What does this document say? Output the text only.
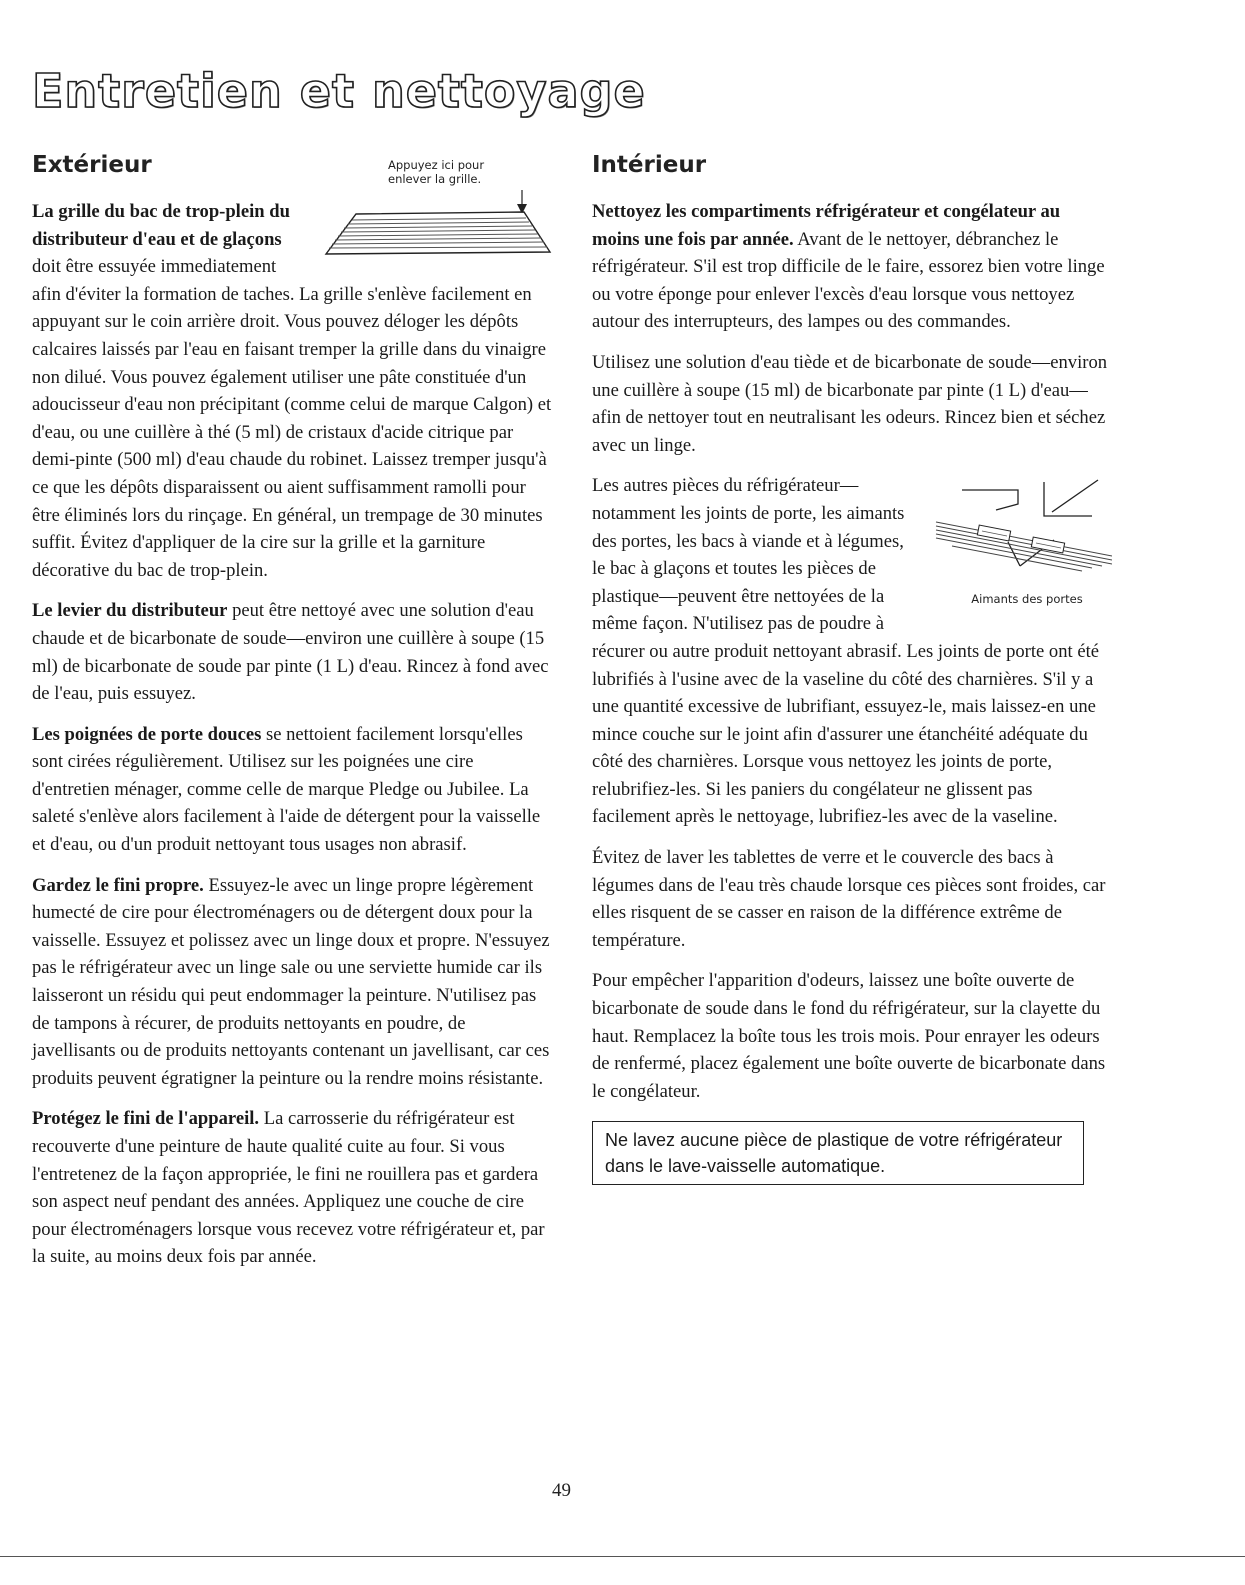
Entretien et nettoyage
Extérieur	Appuyez ici pour
enlever la grille.

La grille du bac de trop-plein du distributeur d'eau et de glaçons doit être essuyée immediatement afin d'éviter la formation de taches. La grille s'enlève facilement en appuyant sur le coin arrière droit. Vous pouvez déloger les dépôts calcaires laissés par l'eau en faisant tremper la grille dans du vinaigre non dilué. Vous pouvez également utiliser une pâte constituée d'un adoucisseur d'eau non précipitant (comme celui de marque Calgon) et d'eau, ou une cuillère à thé (5 ml) de cristaux d'acide citrique par demi-pinte (500 ml) d'eau chaude du robinet. Laissez tremper jusqu'à ce que les dépôts disparaissent ou aient suffisamment ramolli pour être éliminés lors du rinçage. En général, un trempage de 30 minutes suffit. Évitez d'appliquer de la cire sur la grille et la garniture décorative du bac de trop-plein.

Le levier du distributeur peut être nettoyé avec une solution d'eau chaude et de bicarbonate de soude—environ une cuillère à soupe (15 ml) de bicarbonate de soude par pinte (1 L) d'eau. Rincez à fond avec de l'eau, puis essuyez.

Les poignées de porte douces se nettoient facilement lorsqu'elles sont cirées régulièrement. Utilisez sur les poignées une cire d'entretien ménager, comme celle de marque Pledge ou Jubilee. La saleté s'enlève alors facilement à l'aide de détergent pour la vaisselle et d'eau, ou d'un produit nettoyant tous usages non abrasif.

Gardez le fini propre. Essuyez-le avec un linge propre légèrement humecté de cire pour électroménagers ou de détergent doux pour la vaisselle. Essuyez et polissez avec un linge doux et propre. N'essuyez pas le réfrigérateur avec un linge sale ou une serviette humide car ils laisseront un résidu qui peut endommager la peinture. N'utilisez pas de tampons à récurer, de produits nettoyants en poudre, de javellisants ou de produits nettoyants contenant un javellisant, car ces produits peuvent égratigner la peinture ou la rendre moins résistante.

Protégez le fini de l'appareil. La carrosserie du réfrigérateur est recouverte d'une peinture de haute qualité cuite au four. Si vous l'entretenez de la façon appropriée, le fini ne rouillera pas et gardera son aspect neuf pendant des années. Appliquez une couche de cire pour électroménagers lorsque vous recevez votre réfrigérateur et, par la suite, au moins deux fois par année.

Intérieur

Nettoyez les compartiments réfrigérateur et congélateur au moins une fois par année. Avant de le nettoyer, débranchez le réfrigérateur. S'il est trop difficile de le faire, essorez bien votre linge ou votre éponge pour enlever l'excès d'eau lorsque vous nettoyez autour des interrupteurs, des lampes ou des commandes.

Utilisez une solution d'eau tiède et de bicarbonate de soude—environ une cuillère à soupe (15 ml) de bicarbonate par pinte (1 L) d'eau—afin de nettoyer tout en neutralisant les odeurs. Rincez bien et séchez avec un linge.

Aimants des portes

Les autres pièces du réfrigérateur—notamment les joints de porte, les aimants des portes, les bacs à viande et à légumes, le bac à glaçons et toutes les pièces de plastique—peuvent être nettoyées de la même façon. N'utilisez pas de poudre à récurer ou autre produit nettoyant abrasif. Les joints de porte ont été lubrifiés à l'usine avec de la vaseline du côté des charnières. S'il y a une quantité excessive de lubrifiant, essuyez-le, mais laissez-en une mince couche sur le joint afin d'assurer une étanchéité adéquate du côté des charnières. Lorsque vous nettoyez les joints de porte, relubrifiez-les. Si les paniers du congélateur ne glissent pas facilement après le nettoyage, lubrifiez-les avec de la vaseline.

Évitez de laver les tablettes de verre et le couvercle des bacs à légumes dans de l'eau très chaude lorsque ces pièces sont froides, car elles risquent de se casser en raison de la différence extrême de température.

Pour empêcher l'apparition d'odeurs, laissez une boîte ouverte de bicarbonate de soude dans le fond du réfrigérateur, sur la clayette du haut. Remplacez la boîte tous les trois mois. Pour enrayer les odeurs de renfermé, placez également une boîte ouverte de bicarbonate dans le congélateur.

Ne lavez aucune pièce de plastique de votre réfrigérateur dans le lave-vaisselle automatique.
49
